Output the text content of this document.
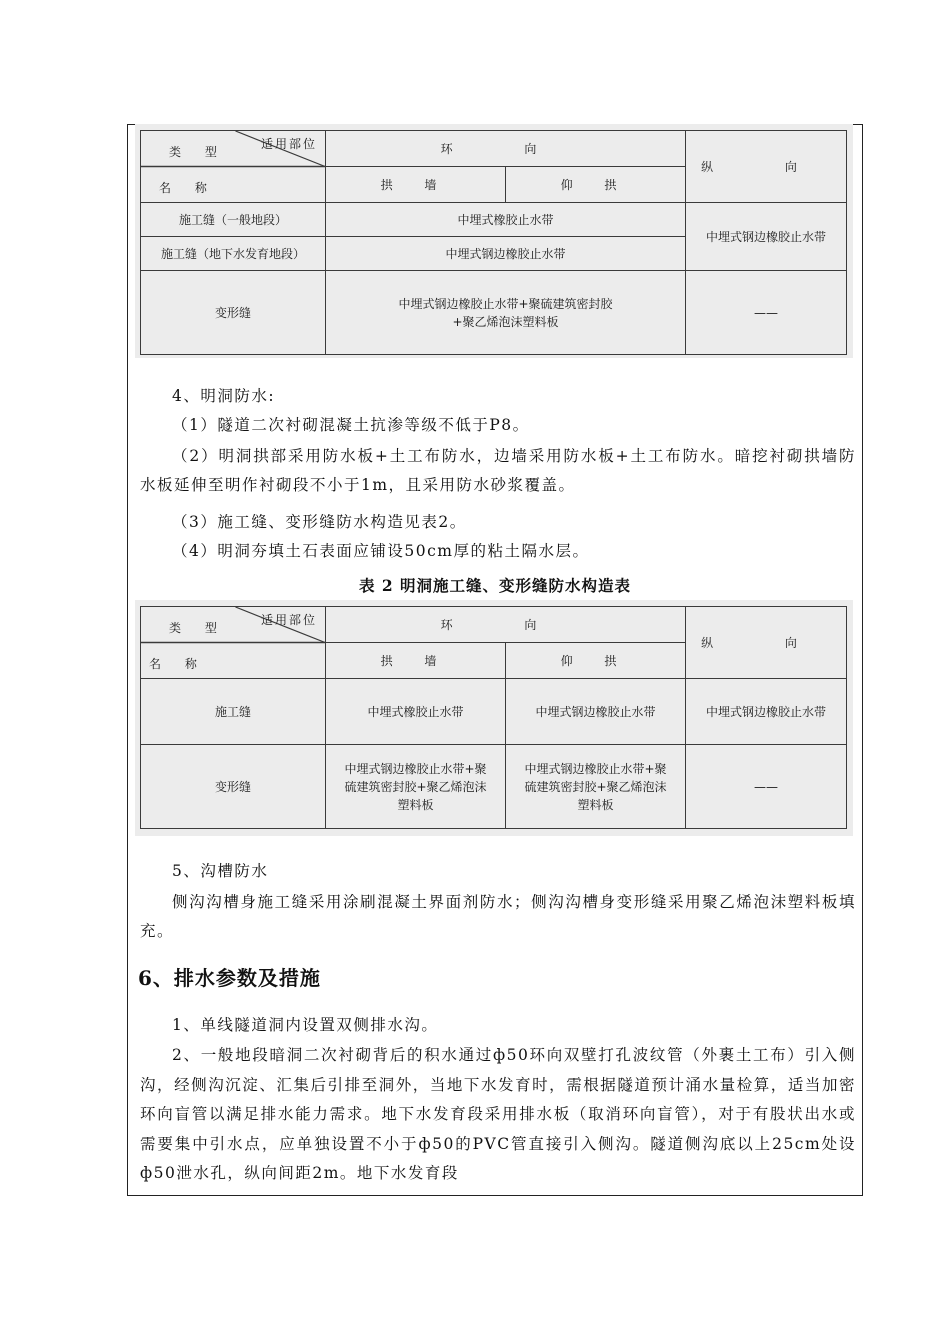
适用部位
类 型
名 称	环 向		纵 向
	拱 墙	仰 拱	
施工缝（一般地段）	中埋式橡胶止水带		中埋式钢边橡胶止水带
施工缝（地下水发育地段）	中埋式钢边橡胶止水带		
变形缝	中埋式钢边橡胶止水带+聚硫建筑密封胶+聚乙烯泡沫塑料板		——
4、明洞防水:
（1）隧道二次衬砌混凝土抗渗等级不低于P8。
（2）明洞拱部采用防水板+土工布防水，边墙采用防水板+土工布防水。暗挖衬砌拱墙防水板延伸至明作衬砌段不小于1m，且采用防水砂浆覆盖。
（3）施工缝、变形缝防水构造见表2。
（4）明洞夯填土石表面应铺设50cm厚的粘土隔水层。
表 2 明洞施工缝、变形缝防水构造表
适用部位
类 型
名 称	环 向		纵 向
	拱 墙	仰 拱	
施工缝	中埋式橡胶止水带	中埋式钢边橡胶止水带	中埋式钢边橡胶止水带
变形缝	中埋式钢边橡胶止水带+聚硫建筑密封胶+聚乙烯泡沫塑料板	中埋式钢边橡胶止水带+聚硫建筑密封胶+聚乙烯泡沫塑料板	——
5、沟槽防水
侧沟沟槽身施工缝采用涂刷混凝土界面剂防水；侧沟沟槽身变形缝采用聚乙烯泡沫塑料板填充。
6、排水参数及措施
1、单线隧道洞内设置双侧排水沟。
2、一般地段暗洞二次衬砌背后的积水通过ф50环向双壁打孔波纹管（外裹土工布）引入侧沟，经侧沟沉淀、汇集后引排至洞外，当地下水发育时，需根据隧道预计涌水量检算，适当加密环向盲管以满足排水能力需求。地下水发育段采用排水板（取消环向盲管），对于有股状出水或需要集中引水点，应单独设置不小于ф50的PVC管直接引入侧沟。隧道侧沟底以上25cm处设ф50泄水孔，纵向间距2m。地下水发育段
